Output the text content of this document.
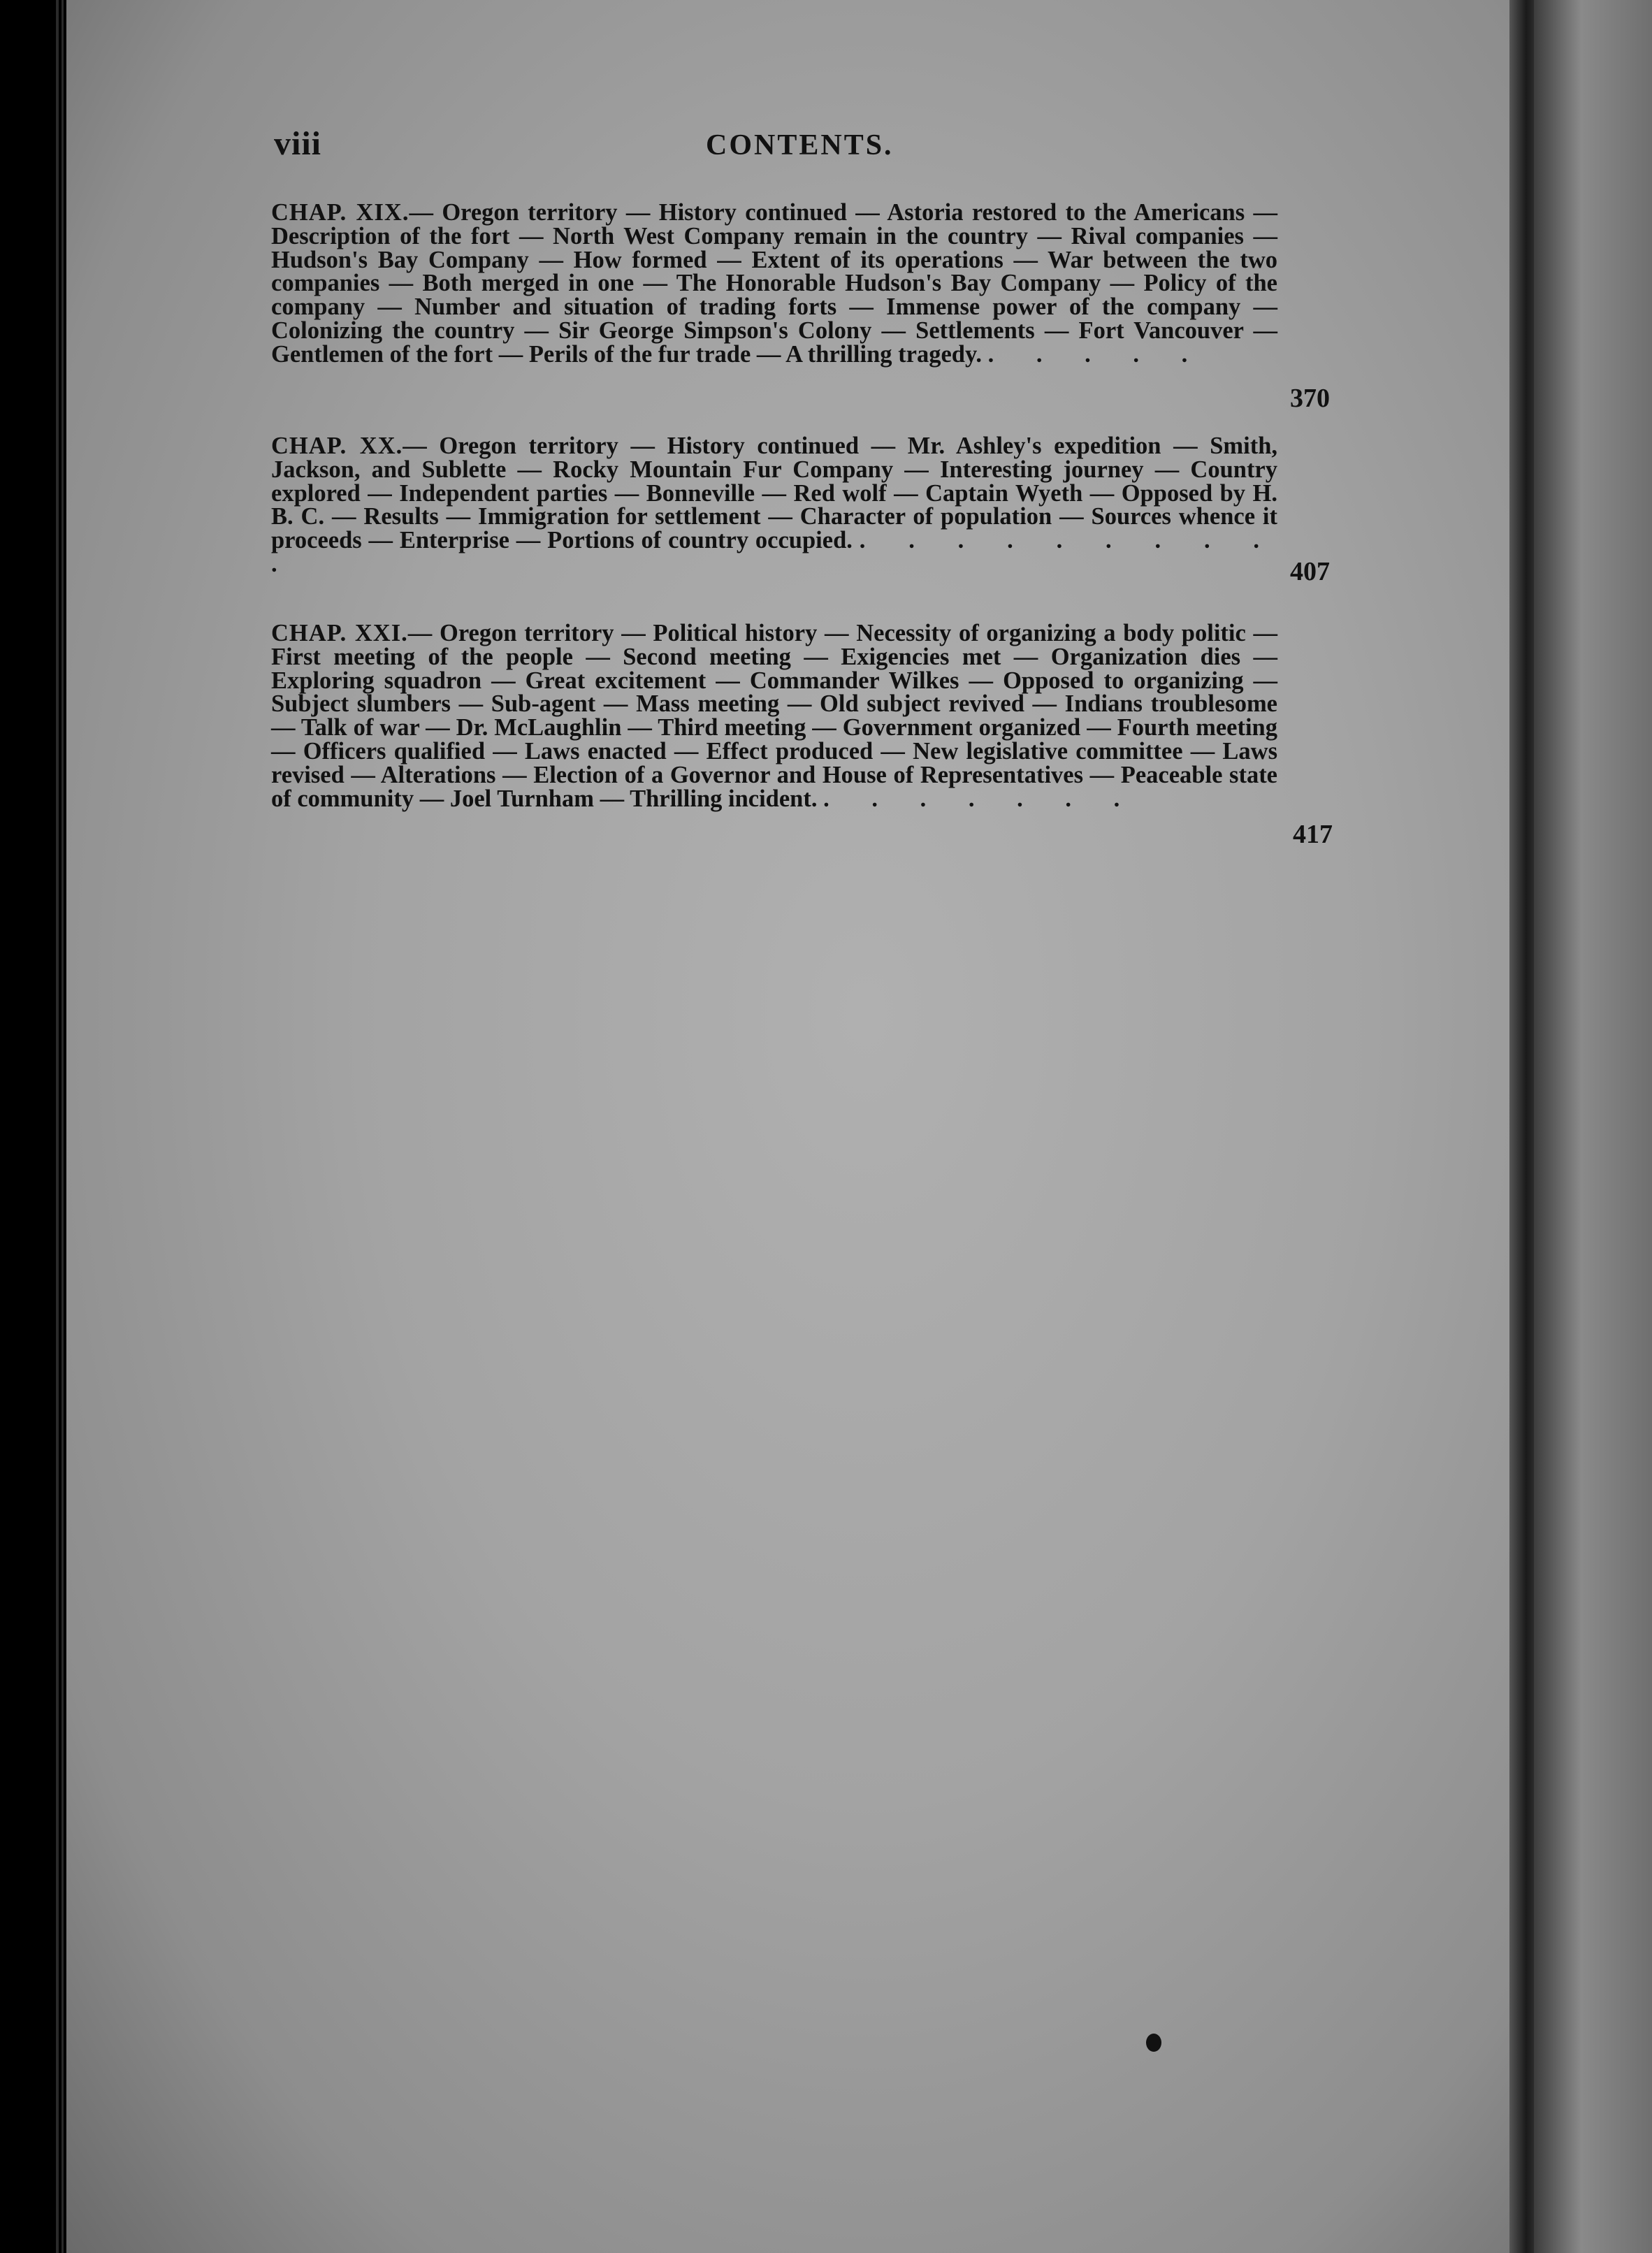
viii	CONTENTS.
CHAP. XIX.— Oregon territory — History continued — Astoria restored to the Americans — Description of the fort — North West Company remain in the country — Rival companies — Hudson's Bay Company — How formed — Extent of its operations — War between the two companies — Both merged in one — The Honorable Hudson's Bay Company — Policy of the company — Number and situation of trading forts — Immense power of the company — Colonizing the country — Sir George Simpson's Colony — Settlements — Fort Vancouver — Gentlemen of the fort — Perils of the fur trade — A thrilling tragedy. . . . . .
370
CHAP. XX.— Oregon territory — History continued — Mr. Ashley's expedition — Smith, Jackson, and Sublette — Rocky Mountain Fur Company — Interesting journey — Country explored — Independent parties — Bonneville — Red wolf — Captain Wyeth — Opposed by H. B. C. — Results — Immigration for settlement — Character of population — Sources whence it proceeds — Enterprise — Portions of country occupied. . . . . . . . . . .	407
CHAP. XXI.— Oregon territory — Political history — Necessity of organizing a body politic — First meeting of the people — Second meeting — Exigencies met — Organization dies — Exploring squadron — Great excitement — Commander Wilkes — Opposed to organizing — Subject slumbers — Sub-agent — Mass meeting — Old subject revived — Indians troublesome — Talk of war — Dr. McLaughlin — Third meeting — Government organized — Fourth meeting — Officers qualified — Laws enacted — Effect produced — New legislative committee — Laws revised — Alterations — Election of a Governor and House of Representatives — Peaceable state of community — Joel Turnham — Thrilling incident. . . . . . . .
417
